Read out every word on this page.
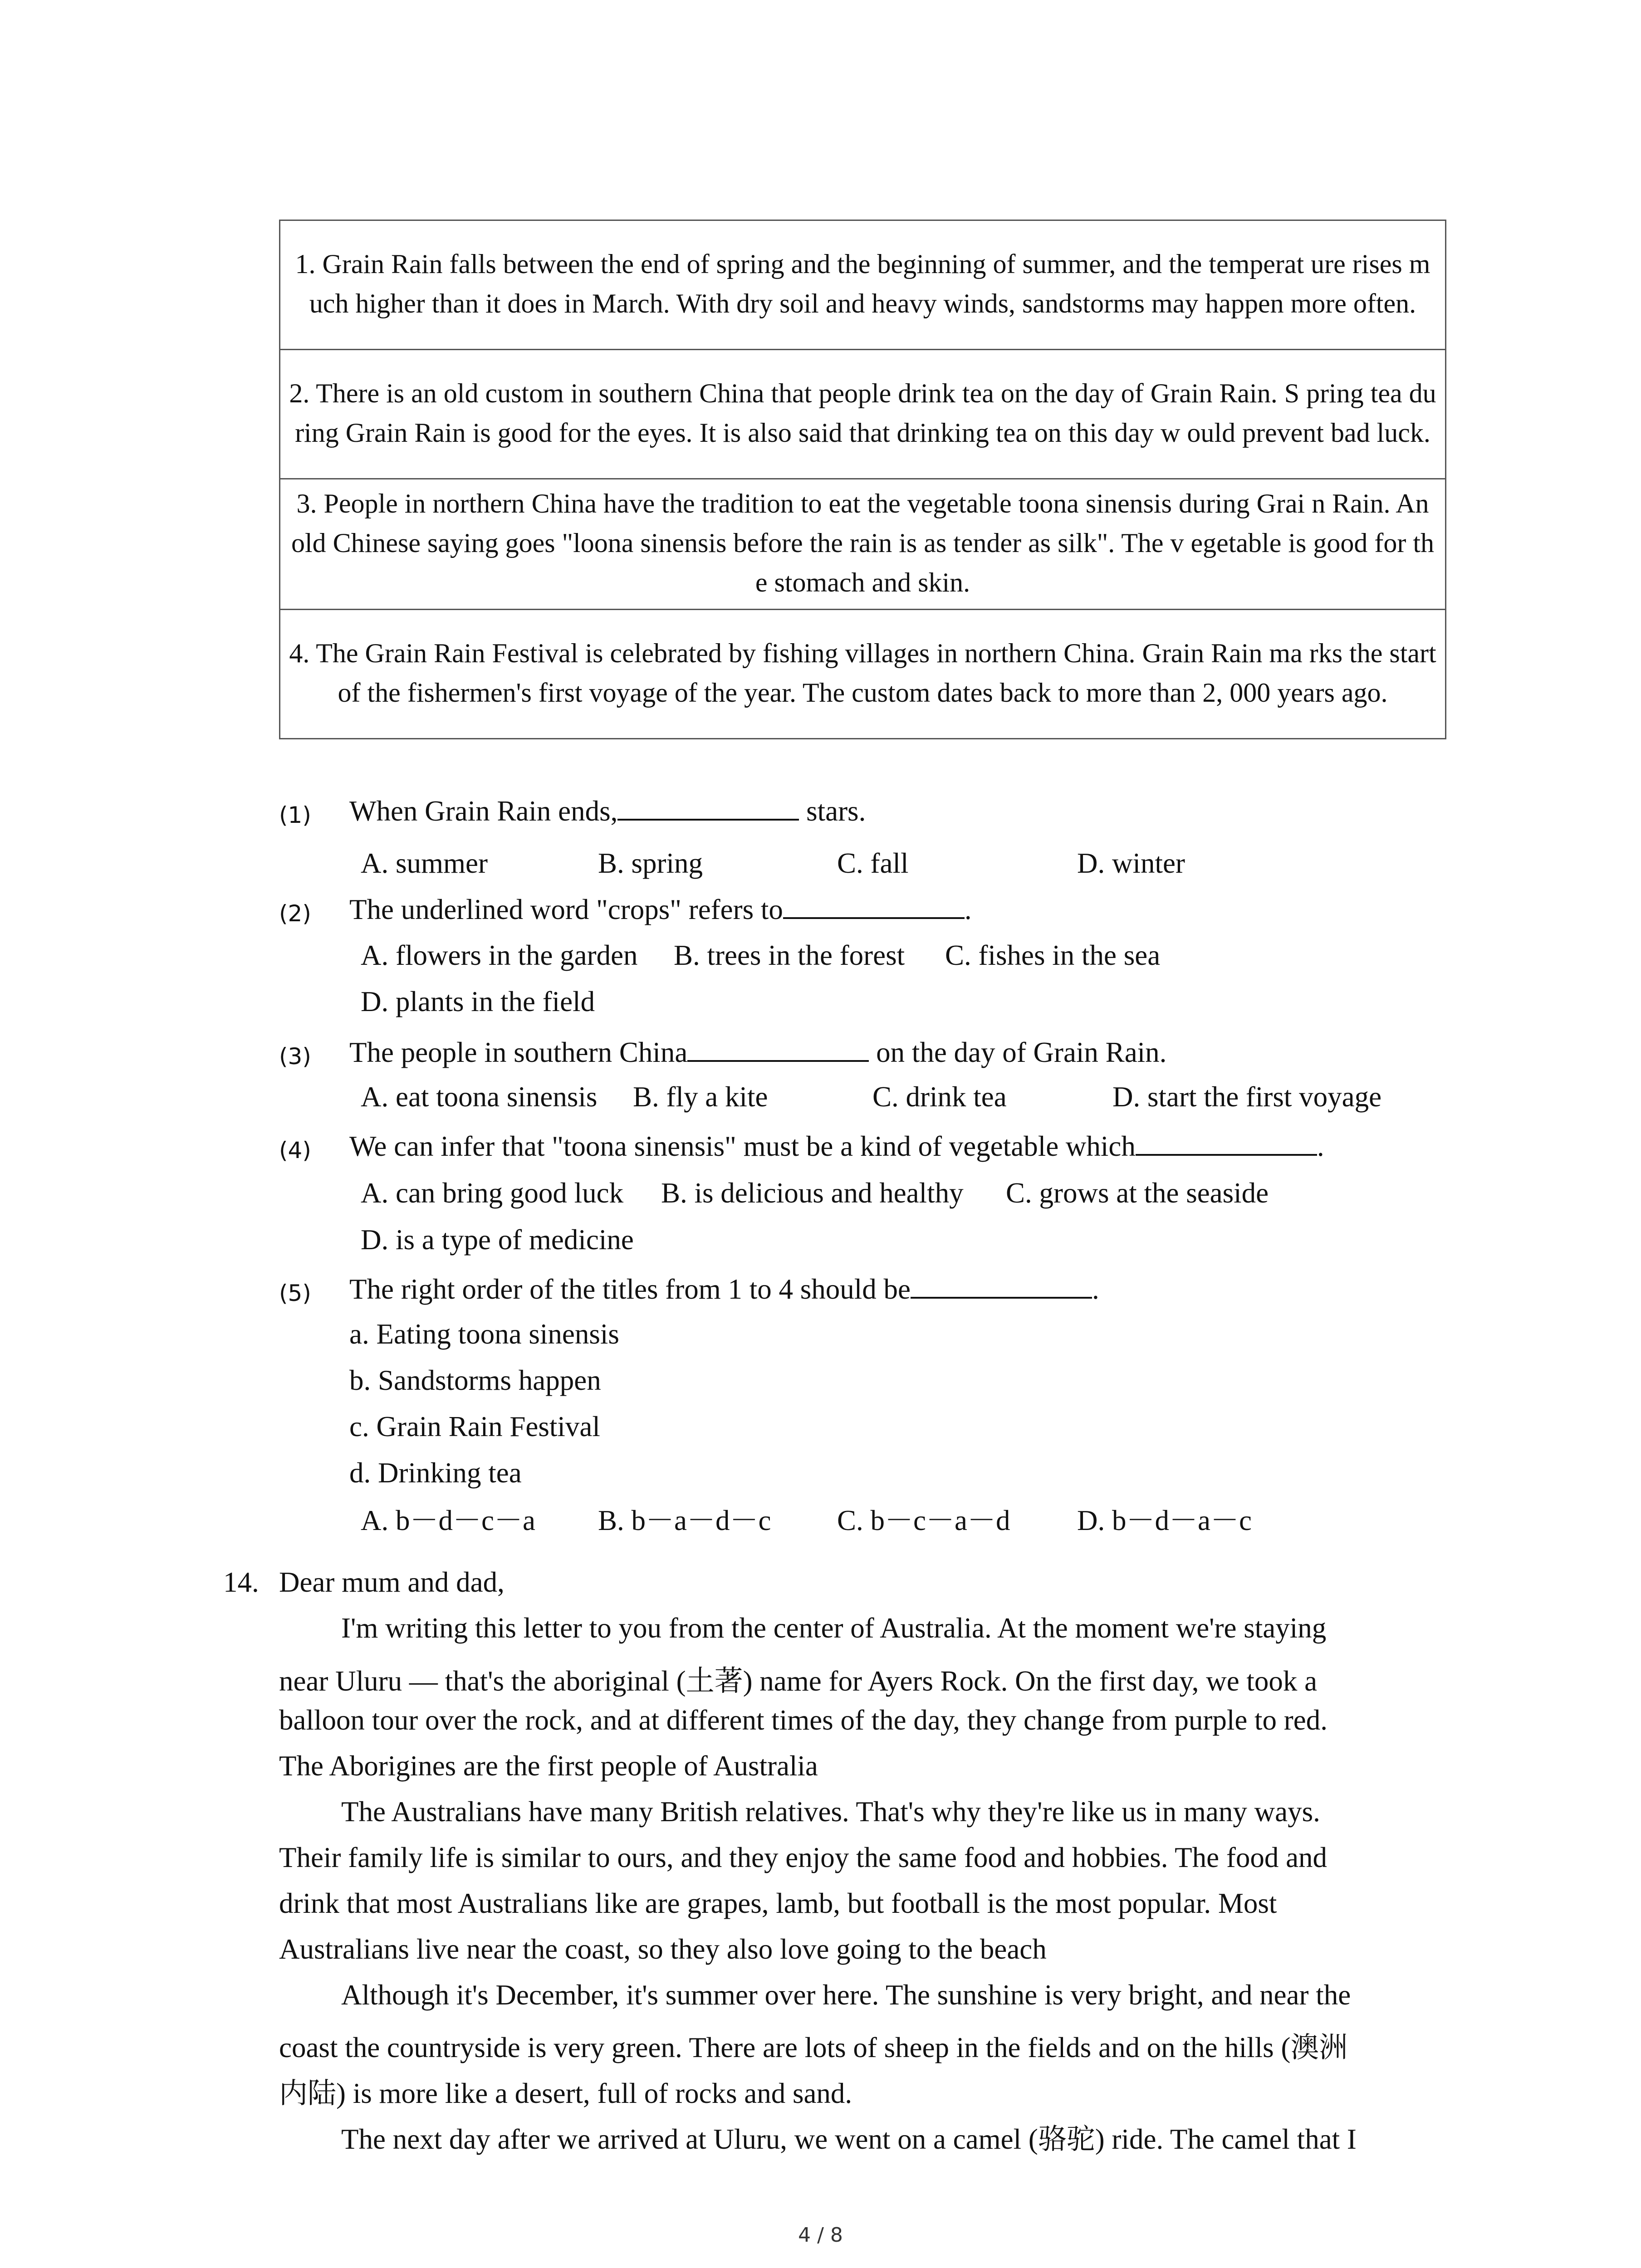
1. Grain Rain falls between the end of spring and the beginning of summer, and the temperat ure rises much higher than it does in March. With dry soil and heavy winds, sandstorms may happen more often.
2. There is an old custom in southern China that people drink tea on the day of Grain Rain. S pring tea during Grain Rain is good for the eyes. It is also said that drinking tea on this day w ould prevent bad luck.
3. People in northern China have the tradition to eat the vegetable toona sinensis during Grai n Rain. An old Chinese saying goes "loona sinensis before the rain is as tender as silk". The v egetable is good for the stomach and skin.
4. The Grain Rain Festival is celebrated by fishing villages in northern China. Grain Rain ma rks the start of the fishermen's first voyage of the year. The custom dates back to more than 2, 000 years ago.
(1) When Grain Rain ends,	stars.
A. summer	B. spring	C. fall	D. winter
(2) The underlined word "crops" refers to	.
A. flowers in the garden B. trees in the forest C. fishes in the sea
D. plants in the field
(3) The people in southern China	on the day of Grain Rain.
A. eat toona sinensis B. fly a kite	C. drink tea	D. start the first voyage
(4) We can infer that "toona sinensis" must be a kind of vegetable which	.
A. can bring good luck B. is delicious and healthy C. grows at the seaside
D. is a type of medicine
(5) The right order of the titles from 1 to 4 should be	.
a. Eating toona sinensis
b. Sandstorms happen
c. Grain Rain Festival
d. Drinking tea
A. b－d－c－a B. b－a－d－c C. b－c－a－d D. b－d－a－c
14. Dear mum and dad,
I'm writing this letter to you from the center of Australia. At the moment we're staying
near Uluru — that's the aboriginal (土著) name for Ayers Rock. On the first day, we took a
balloon tour over the rock, and at different times of the day, they change from purple to red.
The Aborigines are the first people of Australia
The Australians have many British relatives. That's why they're like us in many ways.
Their family life is similar to ours, and they enjoy the same food and hobbies. The food and
drink that most Australians like are grapes, lamb, but football is the most popular. Most
Australians live near the coast, so they also love going to the beach
Although it's December, it's summer over here. The sunshine is very bright, and near the
coast the countryside is very green. There are lots of sheep in the fields and on the hills (澳洲
内陆) is more like a desert, full of rocks and sand.
The next day after we arrived at Uluru, we went on a camel (骆驼) ride. The camel that I
4 / 8
